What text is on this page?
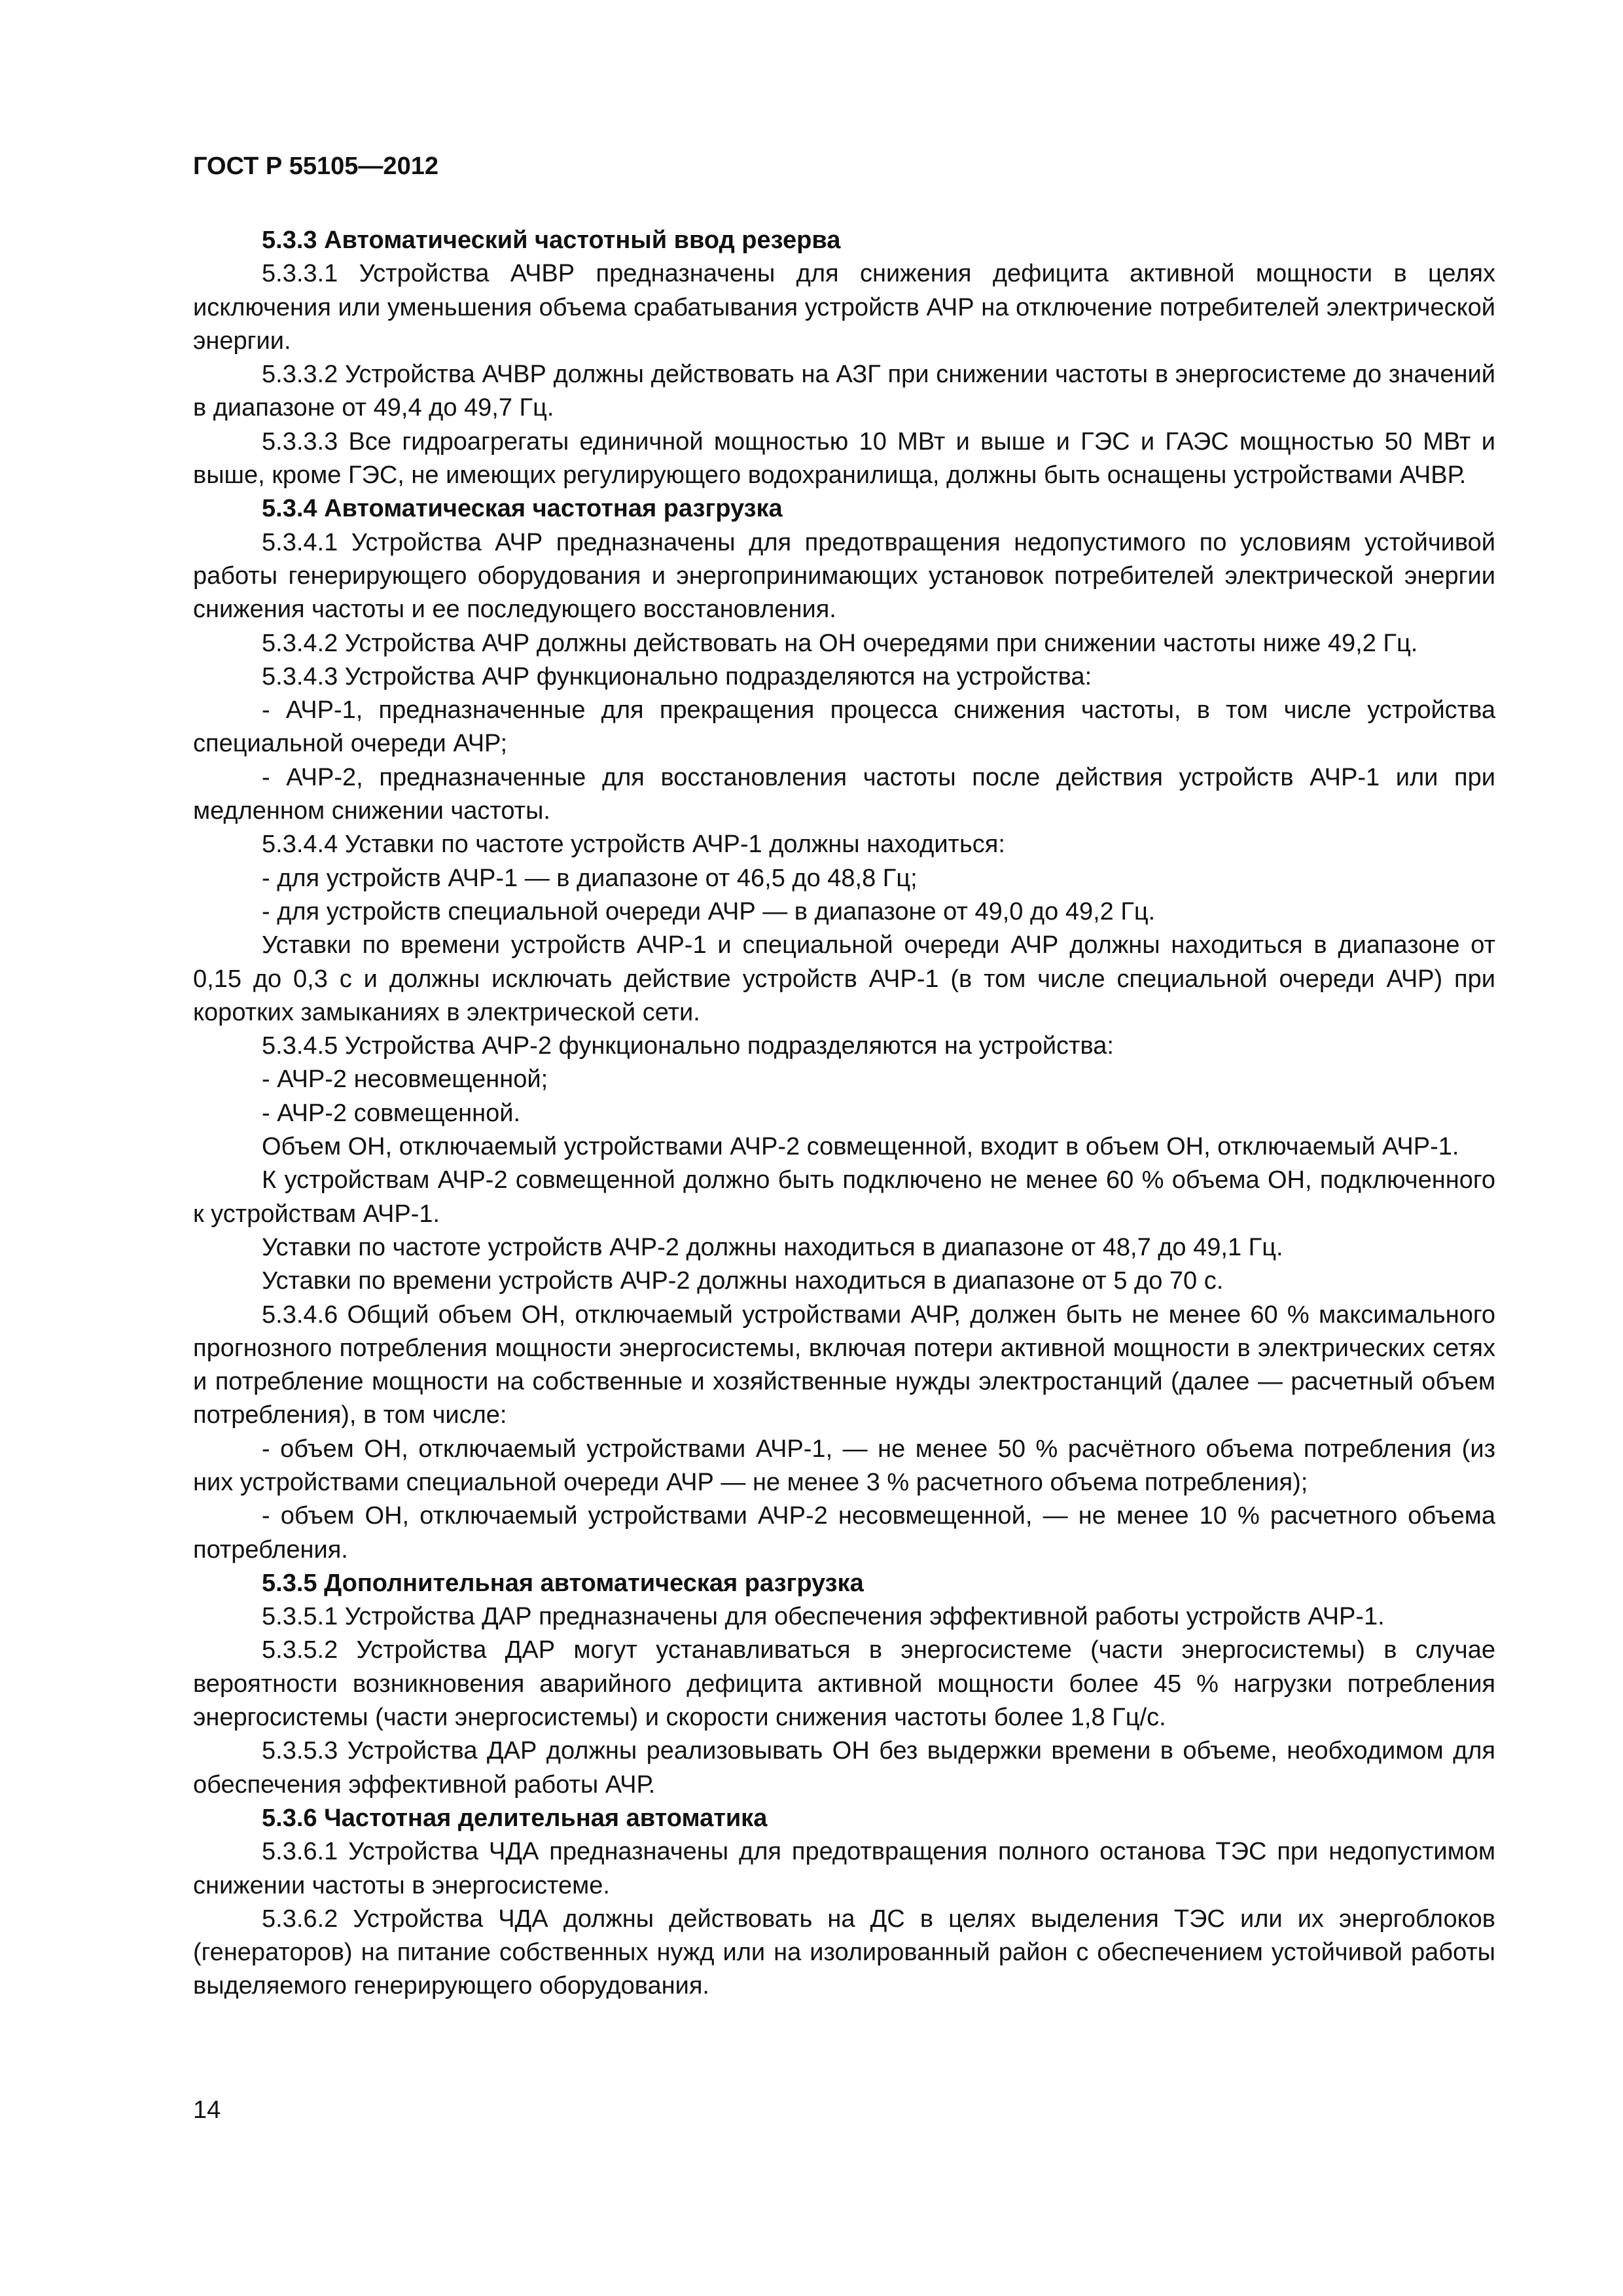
ГОСТ Р 55105—2012

5.3.3 Автоматический частотный ввод резерва

5.3.3.1 Устройства АЧВР предназначены для снижения дефицита активной мощности в целях исключения или уменьшения объема срабатывания устройств АЧР на отключение потребителей электрической энергии.

5.3.3.2 Устройства АЧВР должны действовать на АЗГ при снижении частоты в энергосистеме до значений в диапазоне от 49,4 до 49,7 Гц.

5.3.3.3 Все гидроагрегаты единичной мощностью 10 МВт и выше и ГЭС и ГАЭС мощностью 50 МВт и выше, кроме ГЭС, не имеющих регулирующего водохранилища, должны быть оснащены устройствами АЧВР.

5.3.4 Автоматическая частотная разгрузка

5.3.4.1 Устройства АЧР предназначены для предотвращения недопустимого по условиям устойчивой работы генерирующего оборудования и энергопринимающих установок потребителей электрической энергии снижения частоты и ее последующего восстановления.

5.3.4.2 Устройства АЧР должны действовать на ОН очередями при снижении частоты ниже 49,2 Гц.

5.3.4.3 Устройства АЧР функционально подразделяются на устройства:

- АЧР-1, предназначенные для прекращения процесса снижения частоты, в том числе устройства специальной очереди АЧР;

- АЧР-2, предназначенные для восстановления частоты после действия устройств АЧР-1 или при медленном снижении частоты.

5.3.4.4 Уставки по частоте устройств АЧР-1 должны находиться:

- для устройств АЧР-1 — в диапазоне от 46,5 до 48,8 Гц;

- для устройств специальной очереди АЧР — в диапазоне от 49,0 до 49,2 Гц.

Уставки по времени устройств АЧР-1 и специальной очереди АЧР должны находиться в диапазоне от 0,15 до 0,3 с и должны исключать действие устройств АЧР-1 (в том числе специальной очереди АЧР) при коротких замыканиях в электрической сети.

5.3.4.5 Устройства АЧР-2 функционально подразделяются на устройства:

- АЧР-2 несовмещенной;

- АЧР-2 совмещенной.

Объем ОН, отключаемый устройствами АЧР-2 совмещенной, входит в объем ОН, отключаемый АЧР-1.

К устройствам АЧР-2 совмещенной должно быть подключено не менее 60 % объема ОН, подключенного к устройствам АЧР-1.

Уставки по частоте устройств АЧР-2 должны находиться в диапазоне от 48,7 до 49,1 Гц.

Уставки по времени устройств АЧР-2 должны находиться в диапазоне от 5 до 70 с.

5.3.4.6 Общий объем ОН, отключаемый устройствами АЧР, должен быть не менее 60 % максимального прогнозного потребления мощности энергосистемы, включая потери активной мощности в электрических сетях и потребление мощности на собственные и хозяйственные нужды электростанций (далее — расчетный объем потребления), в том числе:

- объем ОН, отключаемый устройствами АЧР-1, — не менее 50 % расчётного объема потребления (из них устройствами специальной очереди АЧР — не менее 3 % расчетного объема потребления);

- объем ОН, отключаемый устройствами АЧР-2 несовмещенной, — не менее 10 % расчетного объема потребления.

5.3.5 Дополнительная автоматическая разгрузка

5.3.5.1 Устройства ДАР предназначены для обеспечения эффективной работы устройств АЧР-1.

5.3.5.2 Устройства ДАР могут устанавливаться в энергосистеме (части энергосистемы) в случае вероятности возникновения аварийного дефицита активной мощности более 45 % нагрузки потребления энергосистемы (части энергосистемы) и скорости снижения частоты более 1,8 Гц/с.

5.3.5.3 Устройства ДАР должны реализовывать ОН без выдержки времени в объеме, необходимом для обеспечения эффективной работы АЧР.

5.3.6 Частотная делительная автоматика

5.3.6.1 Устройства ЧДА предназначены для предотвращения полного останова ТЭС при недопустимом снижении частоты в энергосистеме.

5.3.6.2 Устройства ЧДА должны действовать на ДС в целях выделения ТЭС или их энергоблоков (генераторов) на питание собственных нужд или на изолированный район с обеспечением устойчивой работы выделяемого генерирующего оборудования.

14
